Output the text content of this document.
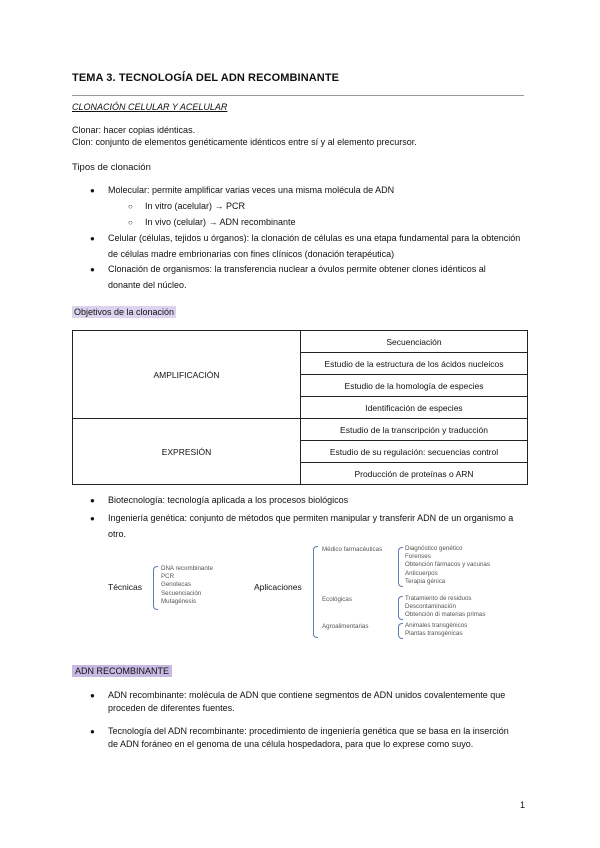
TEMA 3. TECNOLOGÍA DEL ADN RECOMBINANTE
CLONACIÓN CELULAR Y ACELULAR
Clonar: hacer copias idénticas.
Clon: conjunto de elementos genéticamente idénticos entre sí y al elemento precursor.
Tipos de clonación
● Molecular: permite amplificar varias veces una misma molécula de ADN
○ In vitro (acelular) → PCR
○ In vivo (celular) → ADN recombinante
● Celular (células, tejidos u órganos): la clonación de células es una etapa fundamental para la obtención
de células madre embrionarias con fines clínicos (donación terapéutica)
● Clonación de organismos: la transferencia nuclear a óvulos permite obtener clones idénticos al
donante del núcleo.
Objetivos de la clonación
AMPLIFICACIÓN	Secuenciación
	Estudio de la estructura de los ácidos nucleicos
	Estudio de la homología de especies
	Identificación de especies
EXPRESIÓN	Estudio de la transcripción y traducción
	Estudio de su regulación: secuencias control
	Producción de proteínas o ARN
● Biotecnología: tecnología aplicada a los procesos biológicos
● Ingeniería genética: conjunto de métodos que permiten manipular y transferir ADN de un organismo a
otro.
Técnicas
DNA recombinante
PCR
Genotecas
Secuenciación
Mutagénesis
Aplicaciones
Médico farmacéuticas	Diagnóstico genético
Forenses
Obtención fármacos y vacunas
Anticuerpos
Terapia génica
Ecológicas	Tratamiento de residuos
Descontaminación
Obtención di materias primas
Agroalimentarias	Animales transgénicos
Plantas transgénicas
ADN RECOMBINANTE
● ADN recombinante: molécula de ADN que contiene segmentos de ADN unidos covalentemente que
proceden de diferentes fuentes.
● Tecnología del ADN recombinante: procedimiento de ingeniería genética que se basa en la inserción
de ADN foráneo en el genoma de una célula hospedadora, para que lo exprese como suyo.
1
